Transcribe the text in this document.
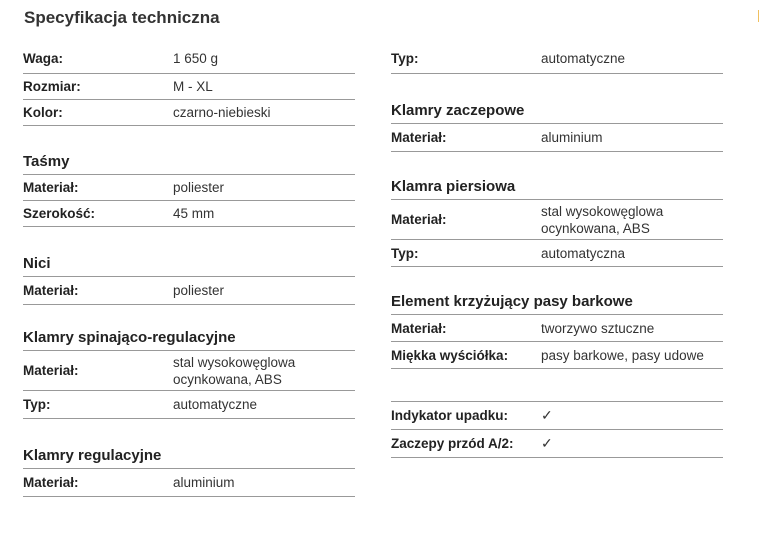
Specyfikacja techniczna
Waga:	1 650 g
Rozmiar:	M - XL
Kolor:	czarno-niebieski
Taśmy
Materiał:	poliester
Szerokość:	45 mm
Nici
Materiał:	poliester
Klamry spinająco-regulacyjne
Materiał:
stal wysokowęglowa
ocynkowana, ABS
Typ:	automatyczne
Klamry regulacyjne
Materiał:	aluminium
Typ:	automatyczne
Klamry zaczepowe
Materiał:	aluminium
Klamra piersiowa
Materiał:
stal wysokowęglowa
ocynkowana, ABS
Typ:	automatyczna
Element krzyżujący pasy barkowe
Materiał:	tworzywo sztuczne
Miękka wyściółka:	pasy barkowe, pasy udowe
Indykator upadku:	✓
Zaczepy przód A/2:	✓
